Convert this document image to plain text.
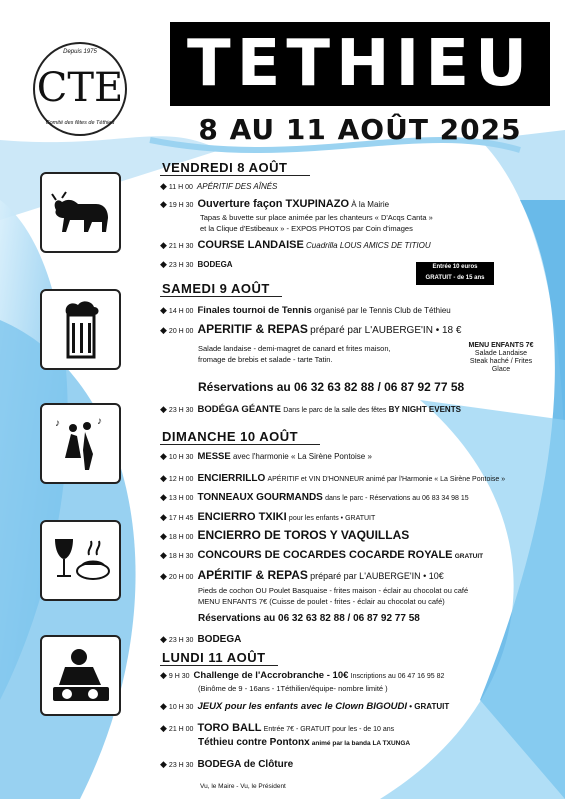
TETHIEU
8 AU 11 AOÛT 2025
Depuis 1975
CTE
Comité des fêtes de Téthieu
♪	♪
VENDREDI 8 AOÛT
◆ 11 H 00 APÉRITIF DES AÎNÉS
◆ 19 H 30 Ouverture façon TXUPINAZO À la Mairie
Tapas & buvette sur place animée par les chanteurs « D'Acqs Canta »
et la Clique d'Estibeaux » - EXPOS PHOTOS par Coin d'images
◆ 21 H 30 COURSE LANDAISE Cuadrilla LOUS AMICS DE TITIOU
◆ 23 H 30 BODEGA	Entrée 10 euros
GRATUIT - de 15 ans
SAMEDI 9 AOÛT
◆ 14 H 00 Finales tournoi de Tennis organisé par le Tennis Club de Téthieu
◆ 20 H 00 APERITIF & REPAS préparé par L'AUBERGE'IN • 18 €
Salade landaise - demi-magret de canard et frites maison,
fromage de brebis et salade - tarte Tatin.
MENU ENFANTS 7€
Salade Landaise
Steak haché / Frites
Glace
Réservations au 06 32 63 82 88 / 06 87 92 77 58
◆ 23 H 30 BODÉGA GÉANTE Dans le parc de la salle des fêtes BY NIGHT EVENTS
DIMANCHE 10 AOÛT
◆ 10 H 30 MESSE avec l'harmonie « La Sirène Pontoise »
◆ 12 H 00 ENCIERRILLO APÉRITIF et VIN D'HONNEUR animé par l'Harmonie « La Sirène Pontoise »
◆ 13 H 00 TONNEAUX GOURMANDS dans le parc - Réservations au 06 83 34 98 15
◆ 17 H 45 ENCIERRO TXIKI pour les enfants • GRATUIT
◆ 18 H 00 ENCIERRO DE TOROS Y VAQUILLAS
◆ 18 H 30 CONCOURS DE COCARDES COCARDE ROYALE GRATUIT
◆ 20 H 00 APÉRITIF & REPAS préparé par L'AUBERGE'IN • 10€
Pieds de cochon OU Poulet Basquaise - frites maison - éclair au chocolat ou café
MENU ENFANTS 7€ (Cuisse de poulet - frites - éclair au chocolat ou café)
Réservations au 06 32 63 82 88 / 06 87 92 77 58
◆ 23 H 30 BODEGA
LUNDI 11 AOÛT
◆ 9 H 30 Challenge de l'Accrobranche - 10€ Inscriptions au 06 47 16 95 82
(Binôme de 9 - 16ans - 1Téthilien/équipe- nombre limité )
◆ 10 H 30 JEUX pour les enfants avec le Clown BIGOUDI • GRATUIT
◆ 21 H 00 TORO BALL Entrée 7€ - GRATUIT pour les - de 10 ans
Téthieu contre Pontonx animé par la banda LA TXUNGA
◆ 23 H 30 BODEGA de Clôture
Vu, le Maire - Vu, le Président
